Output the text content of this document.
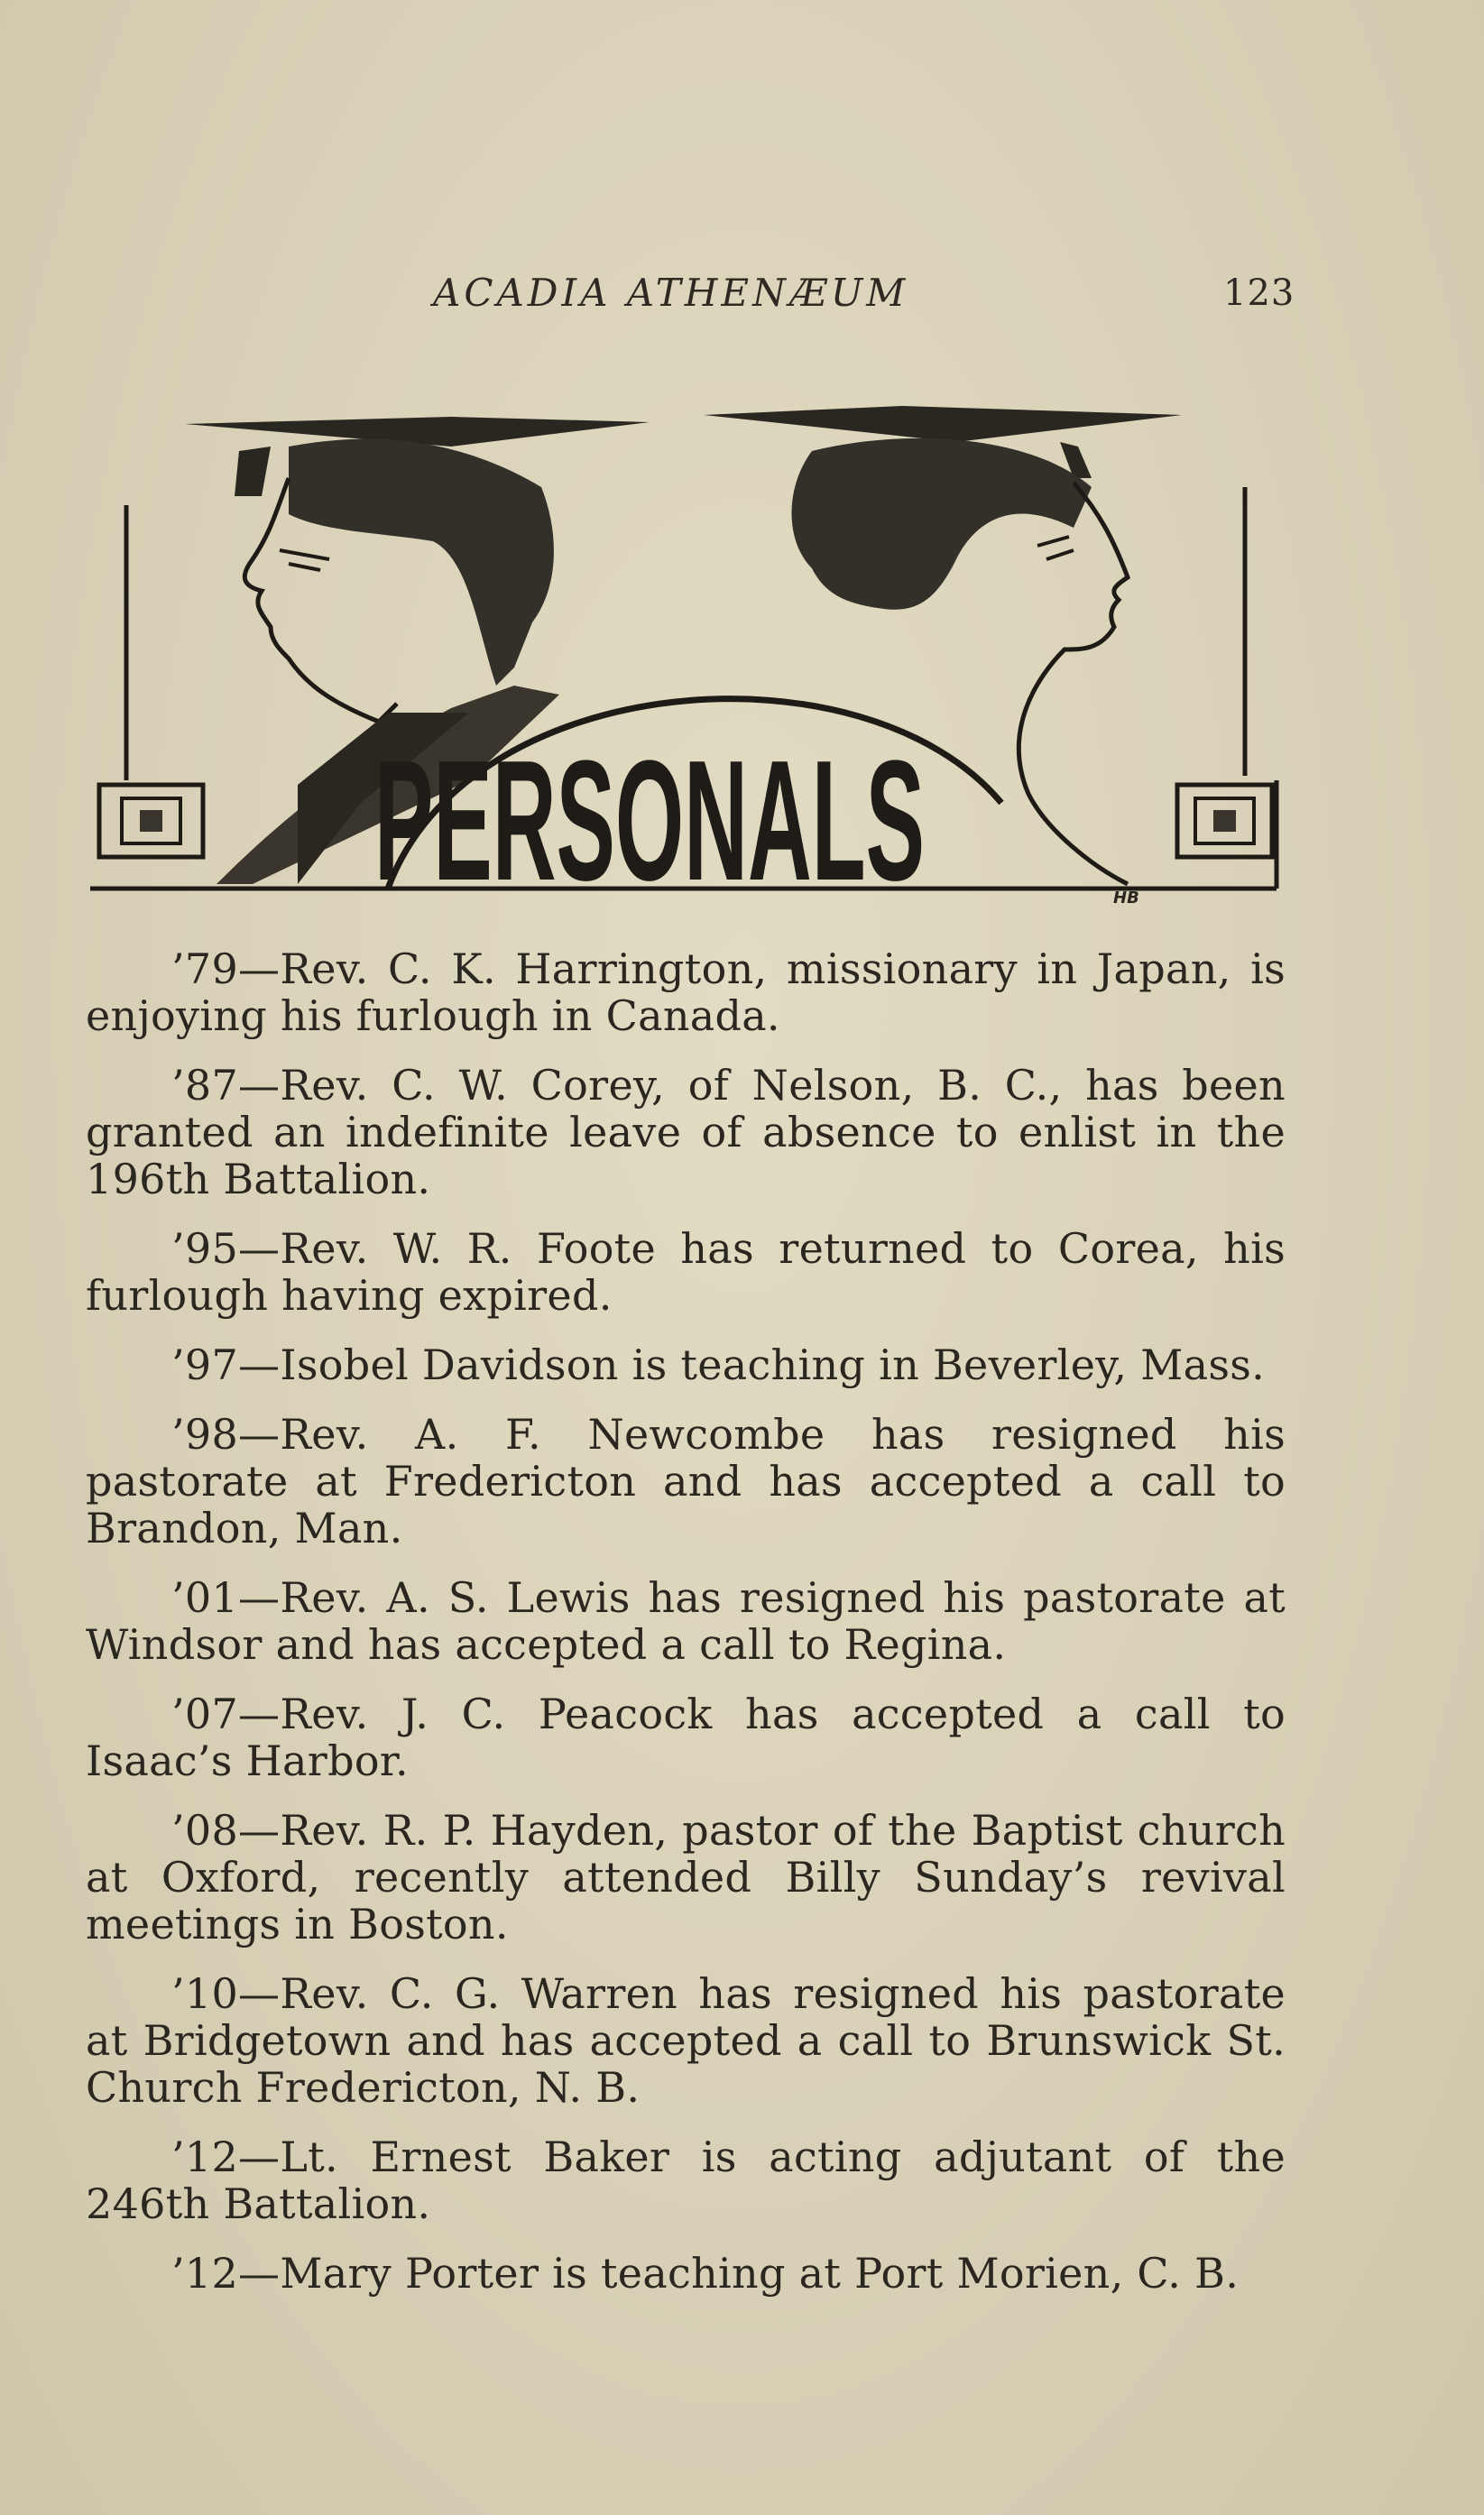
ACADIA ATHENÆUM	123
PERSONALS	HB

’79—Rev. C. K. Harrington, missionary in Japan, is enjoying his furlough in Canada.

’87—Rev. C. W. Corey, of Nelson, B. C., has been granted an indefinite leave of absence to enlist in the 196th Battalion.

’95—Rev. W. R. Foote has returned to Corea, his furlough having expired.

’97—Isobel Davidson is teaching in Beverley, Mass.

’98—Rev. A. F. Newcombe has resigned his pastorate at Fredericton and has accepted a call to Brandon, Man.

’01—Rev. A. S. Lewis has resigned his pastorate at Windsor and has accepted a call to Regina.

’07—Rev. J. C. Peacock has accepted a call to Isaac’s Harbor.

’08—Rev. R. P. Hayden, pastor of the Baptist church at Oxford, recently attended Billy Sunday’s revival meetings in Boston.

’10—Rev. C. G. Warren has resigned his pastorate at Bridgetown and has accepted a call to Brunswick St. Church Fredericton, N. B.

’12—Lt. Ernest Baker is acting adjutant of the 246th Battalion.

’12—Mary Porter is teaching at Port Morien, C. B.
